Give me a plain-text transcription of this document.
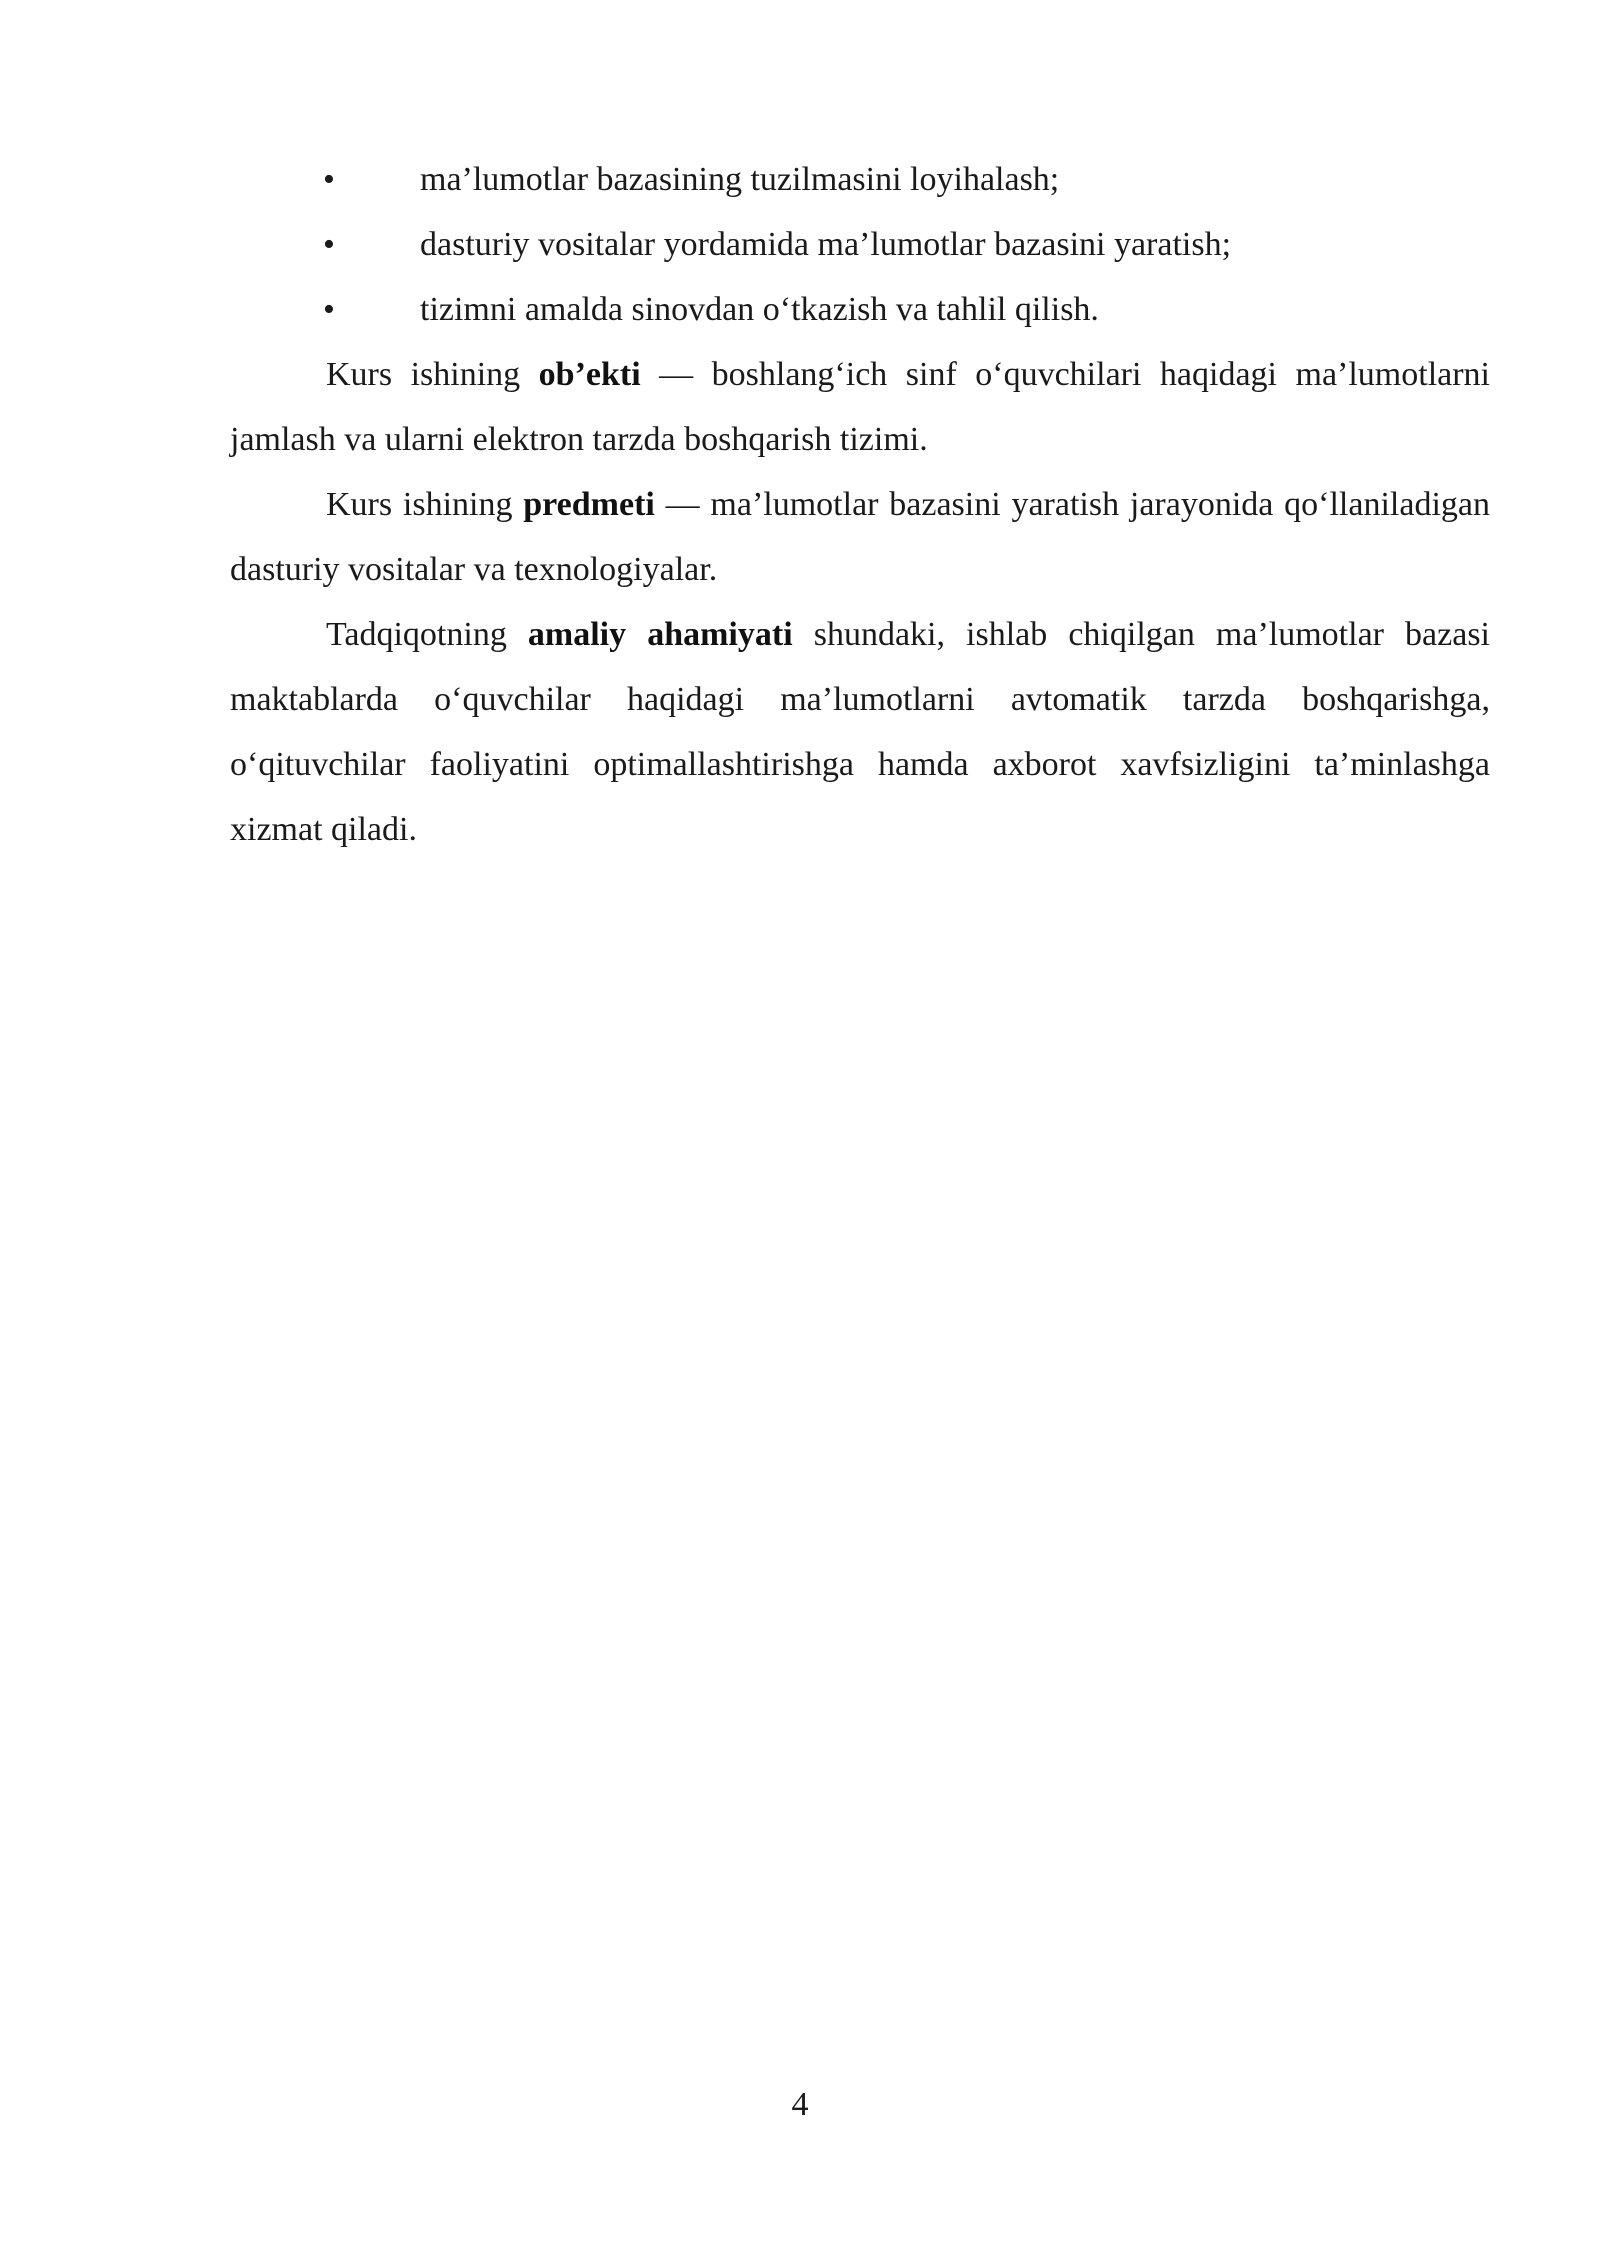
•	ma’lumotlar bazasining tuzilmasini loyihalash;
•	dasturiy vositalar yordamida ma’lumotlar bazasini yaratish;
•	tizimni amalda sinovdan o‘tkazish va tahlil qilish.

Kurs ishining ob’ekti — boshlang‘ich sinf o‘quvchilari haqidagi ma’lumotlarni jamlash va ularni elektron tarzda boshqarish tizimi.

Kurs ishining predmeti — ma’lumotlar bazasini yaratish jarayonida qo‘llaniladigan dasturiy vositalar va texnologiyalar.

Tadqiqotning amaliy ahamiyati shundaki, ishlab chiqilgan ma’lumotlar bazasi maktablarda o‘quvchilar haqidagi ma’lumotlarni avtomatik tarzda boshqarishga, o‘qituvchilar faoliyatini optimallashtirishga hamda axborot xavfsizligini ta’minlashga xizmat qiladi.

4
